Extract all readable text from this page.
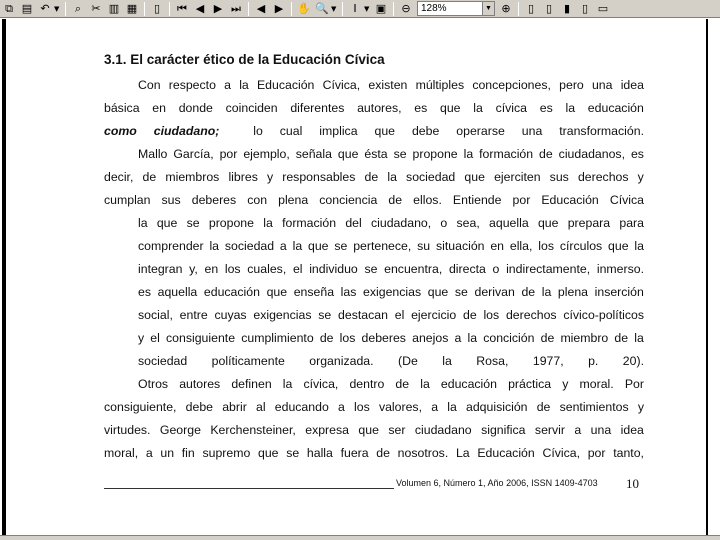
⧉ ▤ ↶ ▼	⌕ ✂ ▥ ▦	▯	⏮ ◀ ▶ ⏭	◀ ▶	✋ 🔍 ▼	Ι	▼ ▣	⊖	128%	▼ ⊕	▯	▯	▮	▯ ▭
3.1. El carácter ético de la Educación Cívica
Con respecto a la Educación Cívica, existen múltiples concepciones, pero una idea
básica en donde coinciden diferentes autores, es que la cívica es la educación
como ciudadano;	lo cual implica que debe operarse una transformación.
Mallo García, por ejemplo, señala que ésta se propone la formación de ciudadanos, es
decir, de miembros libres y responsables de la sociedad que ejerciten sus derechos y
cumplan sus deberes con plena conciencia de ellos. Entiende por Educación Cívica
la que se propone la formación del ciudadano, o sea, aquella que prepara para
comprender la sociedad a la que se pertenece, su situación en ella, los círculos que la
integran y, en los cuales, el individuo se encuentra, directa o indirectamente, inmerso.
es aquella educación que enseña las exigencias que se derivan de la plena inserción
social, entre cuyas exigencias se destacan el ejercicio de los derechos cívico-políticos
y el consiguiente cumplimiento de los deberes anejos a la concición de miembro de la
sociedad políticamente organizada. (De la Rosa, 1977, p. 20).
Otros autores definen la cívica, dentro de la educación práctica y moral. Por
consiguiente, debe abrir al educando a los valores, a la adquisición de sentimientos y
virtudes. George Kerchensteiner, expresa que ser ciudadano significa servir a una idea
moral, a un fin supremo que se halla fuera de nosotros. La Educación Cívica, por tanto,
Volumen 6, Número 1, Año 2006, ISSN 1409-4703 10
